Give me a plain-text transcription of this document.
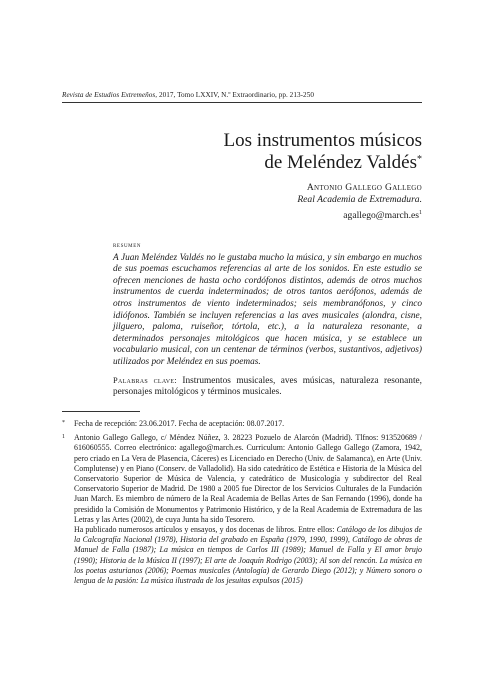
Revista de Estudios Extremeños, 2017, Tomo LXXIV, N.º Extraordinario, pp. 213-250
Los instrumentos músicos
de Meléndez Valdés*
Antonio Gallego Gallego
Real Academia de Extremadura.
$agallego@march.es^1$
resumen

A Juan Meléndez Valdés no le gustaba mucho la música, y sin embargo en muchos de sus poemas escuchamos referencias al arte de los sonidos. En este estudio se ofrecen menciones de hasta ocho cordófonos distintos, además de otros muchos instrumentos de cuerda indeterminados; de otros tantos aerófonos, además de otros instrumentos de viento indeterminados; seis membranófonos, y cinco idiófonos. También se incluyen referencias a las aves musicales (alondra, cisne, jilguero, paloma, ruiseñor, tórtola, etc.), a la naturaleza resonante, a determinados personajes mitológicos que hacen música, y se establece un vocabulario musical, con un centenar de términos (verbos, sustantivos, adjetivos) utilizados por Meléndez en sus poemas.

Palabras clave: Instrumentos musicales, aves músicas, naturaleza resonante, personajes mitológicos y términos musicales.

* Fecha de recepción: 23.06.2017. Fecha de aceptación: 08.07.2017.

1 Antonio Gallego Gallego, c/ Méndez Núñez, 3. 28223 Pozuelo de Alarcón (Madrid). Tlfnos: 913520689 / 616060555. Correo electrónico: agallego@march.es. Curriculum: Antonio Gallego Gallego (Zamora, 1942, pero criado en La Vera de Plasencia, Cáceres) es Licenciado en Derecho (Univ. de Salamanca), en Arte (Univ. Complutense) y en Piano (Conserv. de Valladolid). Ha sido catedrático de Estética e Historia de la Música del Conservatorio Superior de Música de Valencia, y catedrático de Musicología y subdirector del Real Conservatorio Superior de Madrid. De 1980 a 2005 fue Director de los Servicios Culturales de la Fundación Juan March. Es miembro de número de la Real Academia de Bellas Artes de San Fernando (1996), donde ha presidido la Comisión de Monumentos y Patrimonio Histórico, y de la Real Academia de Extremadura de las Letras y las Artes (2002), de cuya Junta ha sido Tesorero.

Ha publicado numerosos artículos y ensayos, y dos docenas de libros. Entre ellos: Catálogo de los dibujos de la Calcografía Nacional (1978), Historia del grabado en España (1979, 1990, 1999), Catálogo de obras de Manuel de Falla (1987); La música en tiempos de Carlos III (1989); Manuel de Falla y El amor brujo (1990); Historia de la Música II (1997); El arte de Joaquín Rodrigo (2003); Al son del rencón. La música en los poetas asturianos (2006); Poemas musicales (Antología) de Gerardo Diego (2012); y Número sonoro o lengua de la pasión: La música ilustrada de los jesuitas expulsos (2015)
